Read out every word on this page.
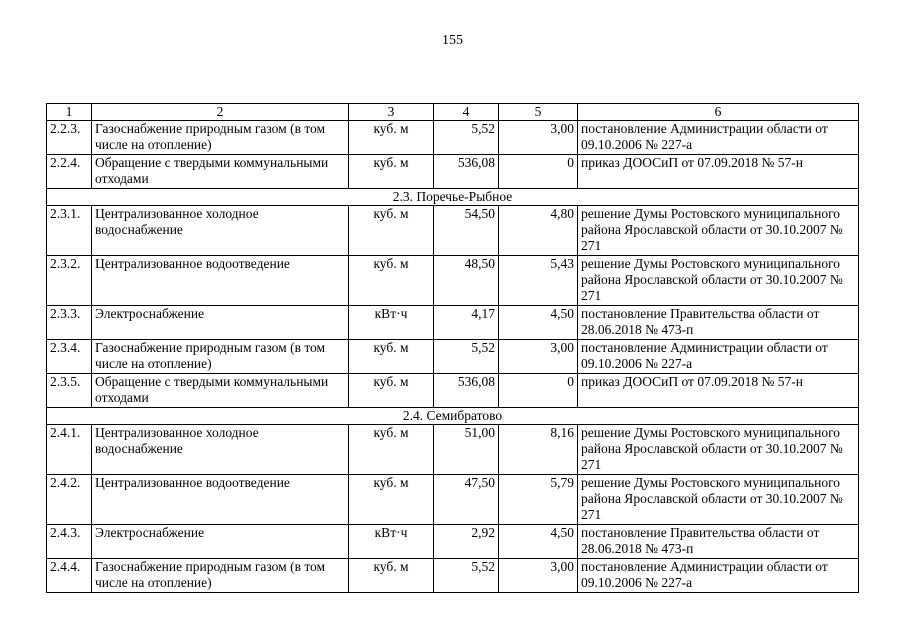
155
1	2	3	4	5	6
2.2.3.	Газоснабжение природным газом (в том числе на отопление)	куб. м	5,52	3,00	постановление Администрации области от 09.10.2006 № 227-а
2.2.4.	Обращение с твердыми коммунальными отходами	куб. м	536,08	0	приказ ДООСиП от 07.09.2018 № 57-н
2.3. Поречье-Рыбное					
2.3.1.	Централизованное холодное водоснабжение	куб. м	54,50	4,80	решение Думы Ростовского муниципального района Ярославской области от 30.10.2007 № 271
2.3.2.	Централизованное водоотведение	куб. м	48,50	5,43	решение Думы Ростовского муниципального района Ярославской области от 30.10.2007 № 271
2.3.3.	Электроснабжение	кВт·ч	4,17	4,50	постановление Правительства области от 28.06.2018 № 473-п
2.3.4.	Газоснабжение природным газом (в том числе на отопление)	куб. м	5,52	3,00	постановление Администрации области от 09.10.2006 № 227-а
2.3.5.	Обращение с твердыми коммунальными отходами	куб. м	536,08	0	приказ ДООСиП от 07.09.2018 № 57-н
2.4. Семибратово					
2.4.1.	Централизованное холодное водоснабжение	куб. м	51,00	8,16	решение Думы Ростовского муниципального района Ярославской области от 30.10.2007 № 271
2.4.2.	Централизованное водоотведение	куб. м	47,50	5,79	решение Думы Ростовского муниципального района Ярославской области от 30.10.2007 № 271
2.4.3.	Электроснабжение	кВт·ч	2,92	4,50	постановление Правительства области от 28.06.2018 № 473-п
2.4.4.	Газоснабжение природным газом (в том числе на отопление)	куб. м	5,52	3,00	постановление Администрации области от 09.10.2006 № 227-а
